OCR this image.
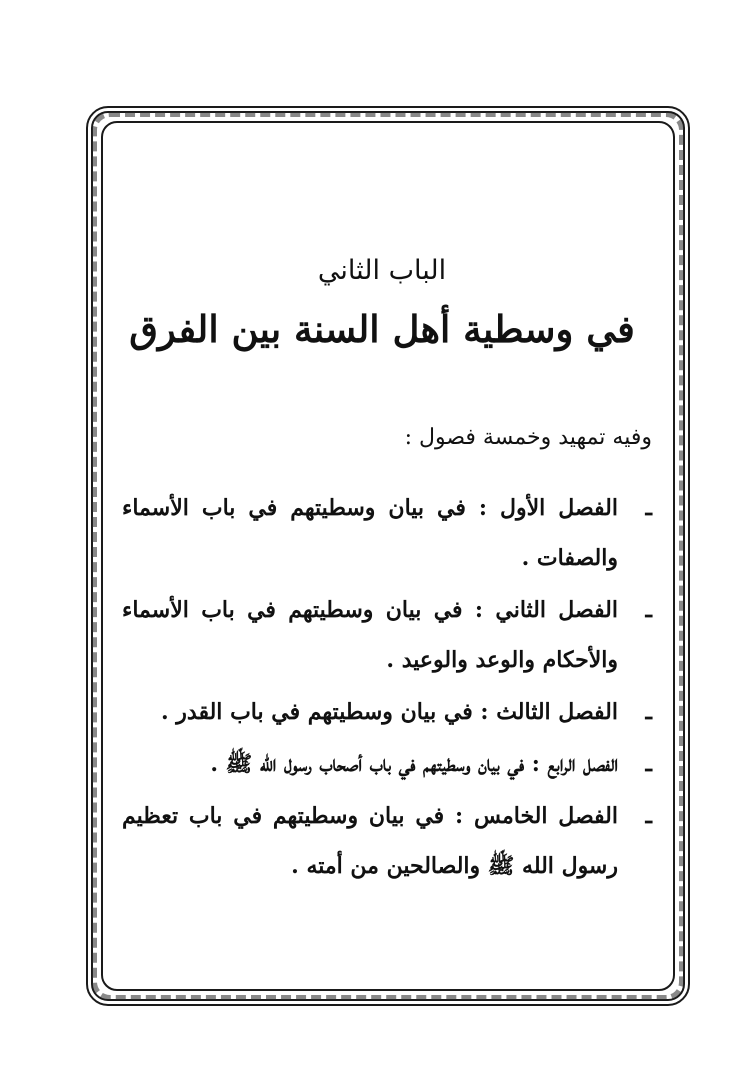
الباب الثاني
في وسطية أهل السنة بين الفرق
وفيه تمهيد وخمسة فصول :
ـ
الفصل الأول : في بيان وسطيتهم في باب الأسماء والصفات .
ـ
الفصل الثاني : في بيان وسطيتهم في باب الأسماء والأحكام والوعد والوعيد .
ـ
الفصل الثالث : في بيان وسطيتهم في باب القدر .
ـ
الفصل الرابع : في بيان وسطيتهم في باب أصحاب رسول الله ﷺ .
ـ
الفصل الخامس : في بيان وسطيتهم في باب تعظيم رسول الله ﷺ والصالحين من أمته .
